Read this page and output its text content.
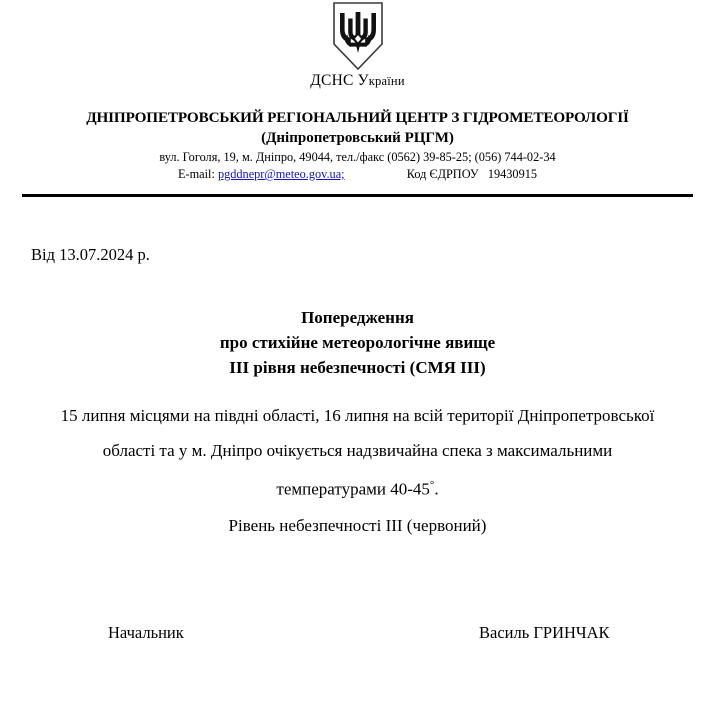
ДСНС України
ДНІПРОПЕТРОВСЬКИЙ РЕГІОНАЛЬНИЙ ЦЕНТР З ГІДРОМЕТЕОРОЛОГІЇ
(Дніпропетровський РЦГМ)
вул. Гоголя, 19, м. Дніпро, 49044, тел./факс (0562) 39-85-25; (056) 744-02-34
E-mail: pgddnepr@meteo.gov.ua;	Код ЄДРПОУ 19430915
Від 13.07.2024 р.
Попередження
про стихійне метеорологічне явище
III рівня небезпечності (СМЯ III)
15 липня місцями на півдні області, 16 липня на всій території Дніпропетровської
області та у м. Дніпро очікується надзвичайна спека з максимальними
температурами 40-45°.
Рівень небезпечності III (червоний)
Начальник	Василь ГРИНЧАК
